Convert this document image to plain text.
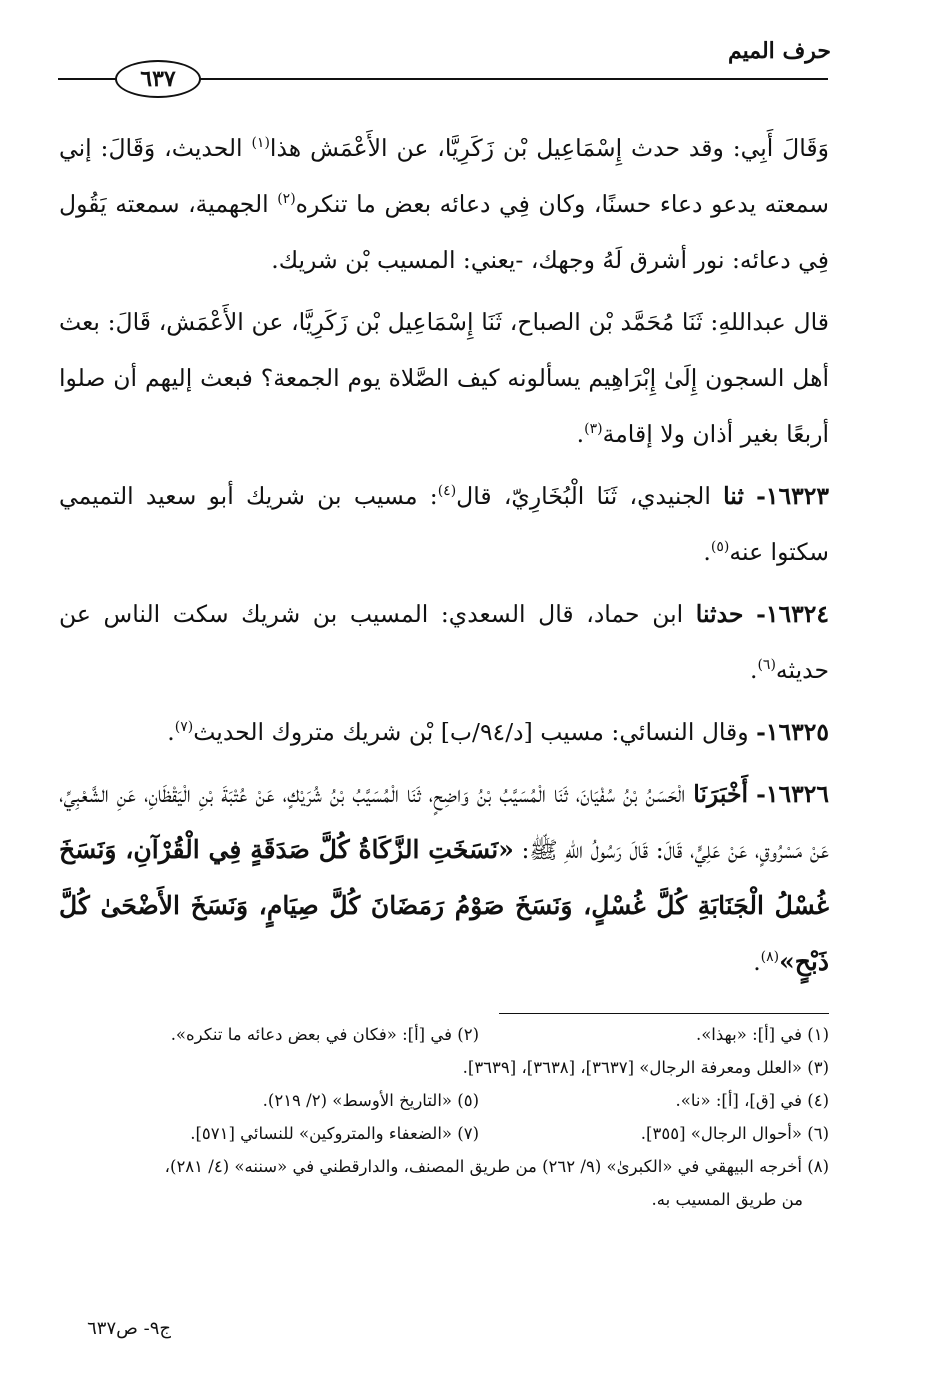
حرف الميم
٦٣٧

وَقَالَ أَبِي: وقد حدث إِسْمَاعِيل بْن زَكَرِيَّا، عن الأَعْمَش هذا$^{(١)}$ الحديث، وَقَالَ: إني سمعته يدعو دعاء حسنًا، وكان فِي دعائه بعض ما تنكره$^{(٢)}$ الجهمية، سمعته يَقُول فِي دعائه: نور أشرق لَهُ وجهك، -يعني: المسيب بْن شريك.

قال عبداللهِ: ثَنَا مُحَمَّد بْن الصباح، ثَنَا إِسْمَاعِيل بْن زَكَرِيَّا، عن الأَعْمَش، قَالَ: بعث أهل السجون إِلَىٰ إِبْرَاهِيم يسألونه كيف الصَّلاة يوم الجمعة؟ فبعث إليهم أن صلوا أربعًا بغير أذان ولا إقامة$^{(٣)}$.

١٦٣٢٣- ثنا الجنيدي، ثَنَا الْبُخَارِيّ، قال$^{(٤)}$: مسيب بن شريك أبو سعيد التميمي سكتوا عنه$^{(٥)}$.

١٦٣٢٤- حدثنا ابن حماد، قال السعدي: المسيب بن شريك سكت الناس عن حديثه$^{(٦)}$.

١٦٣٢٥- وقال النسائي: مسيب [د/٩٤/ب] بْن شريك متروك الحديث$^{(٧)}$.

١٦٣٢٦- أَخْبَرَنَا الْحَسَنُ بْنُ سُفْيَانَ، ثَنَا الْمُسَيَّبُ بْنُ وَاضِحٍ، ثَنَا الْمُسَيَّبُ بْنُ شُرَيْكٍ، عَنْ عُتْبَةَ بْنِ الْيَقْظَانِ، عَنِ الشَّعْبِيِّ، عَنْ مَسْرُوقٍ، عَنْ عَلِيٍّ، قَالَ: قَالَ رَسُولُ اللهِ ﷺ: «نَسَخَتِ الزَّكَاةُ كُلَّ صَدَقَةٍ فِي الْقُرْآنِ، وَنَسَخَ غُسْلُ الْجَنَابَةِ كُلَّ غُسْلٍ، وَنَسَخَ صَوْمُ رَمَضَانَ كُلَّ صِيَامٍ، وَنَسَخَ الأَضْحَىٰ كُلَّ ذَبْحٍ»$^{(٨)}$.

(١) في [أ]: «بهذا».
(٢) في [أ]: «فكان في بعض دعائه ما تنكره».
(٣) «العلل ومعرفة الرجال» [٣٦٣٧]، [٣٦٣٨]، [٣٦٣٩].
(٤) في [ق]، [أ]: «نا».
(٥) «التاريخ الأوسط» (٢/ ٢١٩).
(٦) «أحوال الرجال» [٣٥٥].
(٧) «الضعفاء والمتروكين» للنسائي [٥٧١].
(٨) أخرجه البيهقي في «الكبرىٰ» (٩/ ٢٦٢) من طريق المصنف، والدارقطني في «سننه» (٤/ ٢٨١)،
من طريق المسيب به.
ج٩- ص٦٣٧
